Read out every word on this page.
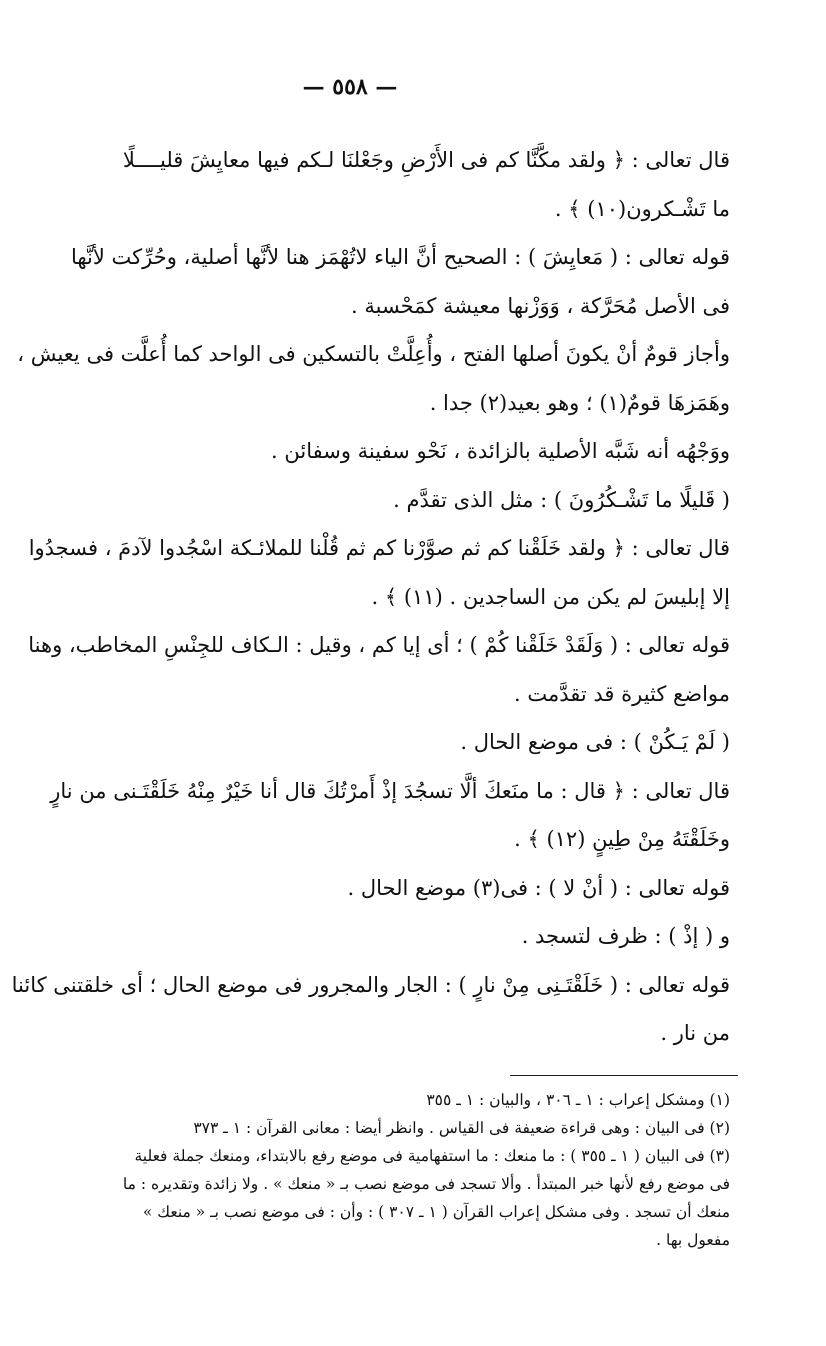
— ٥٥٨ —
قال تعالى : ﴿ ولقد مكَّنَّا كم فى الأَرْضِ وجَعْلنَا لـكم فيها معايِشَ قليــــلًا
ما تَشْـكرون(١٠) ﴾ .
قوله تعالى : ( مَعايِشَ ) : الصحيح أنَّ الياء لاتُهْمَز هنا لأنَّها أصلية، وحُرِّكت لأنَّها
فى الأصل مُحَرَّكة ، وَوَزْنها معيشة كمَحْسبة .
وأجاز قومٌ أنْ يكونَ أصلها الفتح ، وأُعِلَّتْ بالتسكين فى الواحد كما أُعلَّت فى يعيش ،
وهَمَزهَا قومٌ(١) ؛ وهو بعيد(٢) جدا .
ووَجْهُه أنه شَبَّه الأصلية بالزائدة ، نَحْو سفينة وسفائن .
( قَليلًا ما تَشْـكُرُونَ ) : مثل الذى تقدَّم .
قال تعالى : ﴿ ولقد خَلَقْنا كم ثم صوَّرْنا كم ثم قُلْنا للملائـكة اسْجُدوا لآدمَ ، فسجدُوا
إلا إبليسَ لم يكن من الساجدين . (١١) ﴾ .
قوله تعالى : ( وَلَقَدْ خَلَقْنا كُمْ ) ؛ أى إيا كم ، وقيل : الـكاف للجِنْسِ المخاطب، وهنا
مواضع كثيرة قد تقدَّمت .
( لَمْ يَـكُنْ ) : فى موضع الحال .
قال تعالى : ﴿ قال : ما منَعكَ ألَّا تسجُدَ إذْ أَمرْتُكَ قال أنا خَيْرٌ مِنْهُ خَلَقْتَـنى من نارٍ
وخَلَقْتَهُ مِنْ طِينٍ (١٢) ﴾ .
قوله تعالى : ( أنْ لا ) : فى(٣) موضع الحال .
و ( إذْ ) : ظرف لتسجد .
قوله تعالى : ( خَلَقْتَـنِى مِنْ نارٍ ) : الجار والمجرور فى موضع الحال ؛ أى خلقتنى كائنا
من نار .
(١) ومشكل إعراب : ١ ـ ٣٠٦ ، والبيان : ١ ـ ٣٥٥
(٢) فى البيان : وهى قراءة ضعيفة فى القياس . وانظر أيضا : معانى القرآن : ١ ـ ٣٧٣
(٣) فى البيان ( ١ ـ ٣٥٥ ) : ما منعك : ما استفهامية فى موضع رفع بالابتداء، ومنعك جملة فعلية
فى موضع رفع لأنها خبر المبتدأ . وألا تسجد فى موضع نصب بـ « منعك » . ولا زائدة وتقديره : ما
منعك أن تسجد . وفى مشكل إعراب القرآن ( ١ ـ ٣٠٧ ) : وأن : فى موضع نصب بـ « منعك »
مفعول بها .
